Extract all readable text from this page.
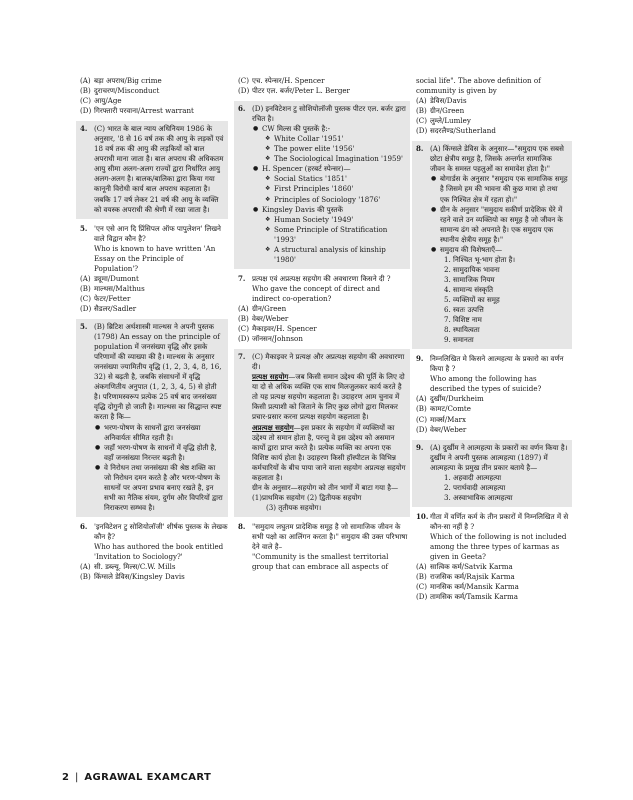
(A) बड़ा अपराध/Big crime
(B) दुराचरण/Misconduct
(C) आयु/Age
(D) गिरफ्तारी परवाना/Arrest warrant
4. (C) भारत के बाल न्याय अधिनियम 1986 के अनुसार, '8 से 16 वर्ष तक की आयु के लड़कों एवं 18 वर्ष तक की आयु की लड़कियों को बाल अपराधी माना जाता है। बाल अपराध की अधिकतम आयु सीमा अलग-अलग राज्यों द्वारा निर्धारित आयु अलग-अलग है। बालक/बालिका द्वारा किया गया कानूनी विरोधी कार्य बाल अपराध कहलाता है।
जबकि 17 वर्ष लेकर 21 वर्ष की आयु के व्यक्ति को वयस्क अपराधी की श्रेणी में रखा जाता है।
5. 'एन एसे आन दि प्रिंसिपल ऑफ पापुलेशन' लिखने वाले विद्वान कौन है?
Who is known to have written 'An Essay on the Principle of Population'?
(A) ड्यूमा/Dumont
(B) माल्थस/Malthus
(C) फेटर/Fetter
(D) सैडलर/Sadler
5. (B) ब्रिटिश अर्थशास्त्री माल्थस ने अपनी पुस्तक (1798) An essay on the principle of population में जनसंख्या वृद्धि और इसके परिणामों की व्याख्या की है। माल्थस के अनुसार जनसंख्या ज्यामितीय वृद्धि (1, 2, 3, 4, 8, 16, 32) से बढ़ती है, जबकि संसाधनों में वृद्धि अंकगणितीय अनुपात (1, 2, 3, 4, 5) से होती है। परिणामस्वरूप प्रत्येक 25 वर्ष बाद जनसंख्या वृद्धि दोगुनी हो जाती है। माल्थस का सिद्धान्त स्पष्ट करता है कि—
● भरण-पोषण के साधनों द्वारा जनसंख्या अनिवार्यतः सीमित रहती है।
● जहाँ भरण-पोषण के साधनों में वृद्धि होती है, वहाँ जनसंख्या निरन्तर बढ़ती है।
● वे निरोधन तथा जनसंख्या की श्रेष्ठ शक्ति का जो निरोधन दमन करते है और भरण-पोषण के साधनों पर अपना प्रभाव बनाए रखते है, इन सभी का नैतिक संयम, दुर्गम और विपरियों द्वारा निराकरण सम्भव है।
6. 'इनविटेशन टु सोशियोलॉजी' शीर्षक पुस्तक के लेखक कौन है?
Who has authored the book entitled 'Invitation to Sociology?'
(A) सी. डब्ल्यू. मिल्स/C.W. Mills
(B) किंग्सले डेविस/Kingsley Davis
(C) एच. स्पेन्सर/H. Spencer
(D) पीटर एल. बर्जर/Peter L. Berger
6. (D) इनविटेशन टु सोशियोलॉजी पुस्तक पीटर एल. बर्जर द्वारा रचित है।
● CW मिल्स की पुस्तकें है:-
❖ White Collar '1951'
❖ The power elite '1956'
❖ The Sociological Imagination '1959'
● H. Spencer (हरबर्ट स्पेन्सर)—
❖ Social Statics '1851'
❖ First Principles '1860'
❖ Principles of Sociology '1876'
● Kingsley Davis की पुस्तकें
❖ Human Society '1949'
❖ Some Principle of Stratification '1993'
❖ A structural analysis of kinship '1980'
7. प्रत्यक्ष एवं अप्रत्यक्ष सहयोग की अवधारणा किसने दी ?
Who gave the concept of direct and indirect co-operation?
(A) ग्रीन/Green
(B) वेबर/Weber
(C) मैकाइवर/H. Spencer
(D) जॉनसन/Johnson
7. (C) मैकाइवर ने प्रत्यक्ष और अप्रत्यक्ष सहयोग की अवधारणा दी।
प्रत्यक्ष सहयोग—जब किसी समान उद्देश्य की पूर्ति के लिए दो या दो से अधिक व्यक्ति एक साथ मिलजुलकर कार्य करते है तो यह प्रत्यक्ष सहयोग कहलाता है। उदाहरण आम चुनाव में किसी प्रत्याशी को जिताने के लिए कुछ लोगो द्वारा मिलकर प्रचार-प्रसार करना प्रत्यक्ष सहयोग कहलाता है।
अप्रत्यक्ष सहयोग—इस प्रकार के सहयोग में व्यक्तियों का उद्देश्य तो समान होता है, परन्तु वे इस उद्देश्य को असमान कार्यो द्वारा प्राप्त करते है। प्रत्येक व्यक्ति का अपना एक विशिष्ट कार्य होता है। उदाहरण किसी हॉस्पीटल के विभिन्न कर्मचारियों के बीच पाया जाने वाला सहयोग अप्रत्यक्ष सहयोग कहलाता है।
ग्रीन के अनुसार—सहयोग को तीन भागों में बाटा गया है—
(1)प्राथमिक सहयोग (2) द्वितीयक सहयोग
(3) तृतीयक सहयोग।
8. "समुदाय लघुतम प्रादेशिक समूह है जो सामाजिक जीवन के सभी पक्षो का आलिंगन करता है।" समुदाय की उक्त परिभाषा देने वाले है–
"Community is the smallest territorial group that can embrace all aspects of
social life". The above definition of community is given by
(A) डेविस/Davis
(B) ग्रीन/Green
(C) लुम्ले/Lumley
(D) सदरलैण्ड/Sutherland
8. (A) किंग्सले डेविस के अनुसार—"समुदाय एक सबसे छोटा क्षेत्रीय समूह है, जिसके अन्तर्गत सामाजिक जीवन के समस्त पहलुओं का समावेश होता है।"
● बोगार्डस के अनुसार "समुदाय एक सामाजिक समूह है जिसमे हम की भावना की कुछ मात्रा हो तथा एक निश्चित क्षेत्र में रहता हो।"
● ग्रीन के अनुसार "समुदाय सकीर्ण प्रादेशिक घेरे में रहने वाले उन व्यक्तियो का समूह है जो जीवन के सामान्य ढंग को अपनाते है। एक समुदाय एक स्थानीय क्षेत्रीय समूह है।"
● समुदाय की विशेषताएँ—
1. निश्चित भू-भाग होता है।
2. सामुदायिक भावना
3. सामाजिक नियम
4. सामान्य संस्कृति
5. व्यक्तियों का समूह
6. स्वतः उत्पत्ति
7. विशिष्ट नाम
8. स्थायित्वता
9. समानता
9. निम्नलिखित मे किसने आत्महत्या के प्रकारो का वर्णन किया है ?
Who among the following has described the types of suicide?
(A) दुर्खीम/Durkheim
(B) कामट/Comte
(C) मार्क्स/Marx
(D) वेबर/Weber
9. (A) दुर्खीम ने आत्महत्या के प्रकारों का वर्णन किया है। दुर्खीम ने अपनी पुस्तक आत्महत्या (1897) में आत्महत्या के प्रमुख तीन प्रकार बताये है—
1. अहवादी आत्महत्या
2. परार्थवादी आत्महत्या
3. अस्वाभाविक आत्महत्या
10. गीता में वर्णित कर्म के तीन प्रकारों में निम्नलिखित में से कौन-सा नहीं है ?
Which of the following is not included among the three types of karmas as given in Geeta?
(A) सात्विक कर्म/Satvik Karma
(B) राजसिक कर्म/Rajsik Karma
(C) मानसिक कर्म/Mansik Karma
(D) तामसिक कर्म/Tamsik Karma
2 | AGRAWAL EXAMCART
